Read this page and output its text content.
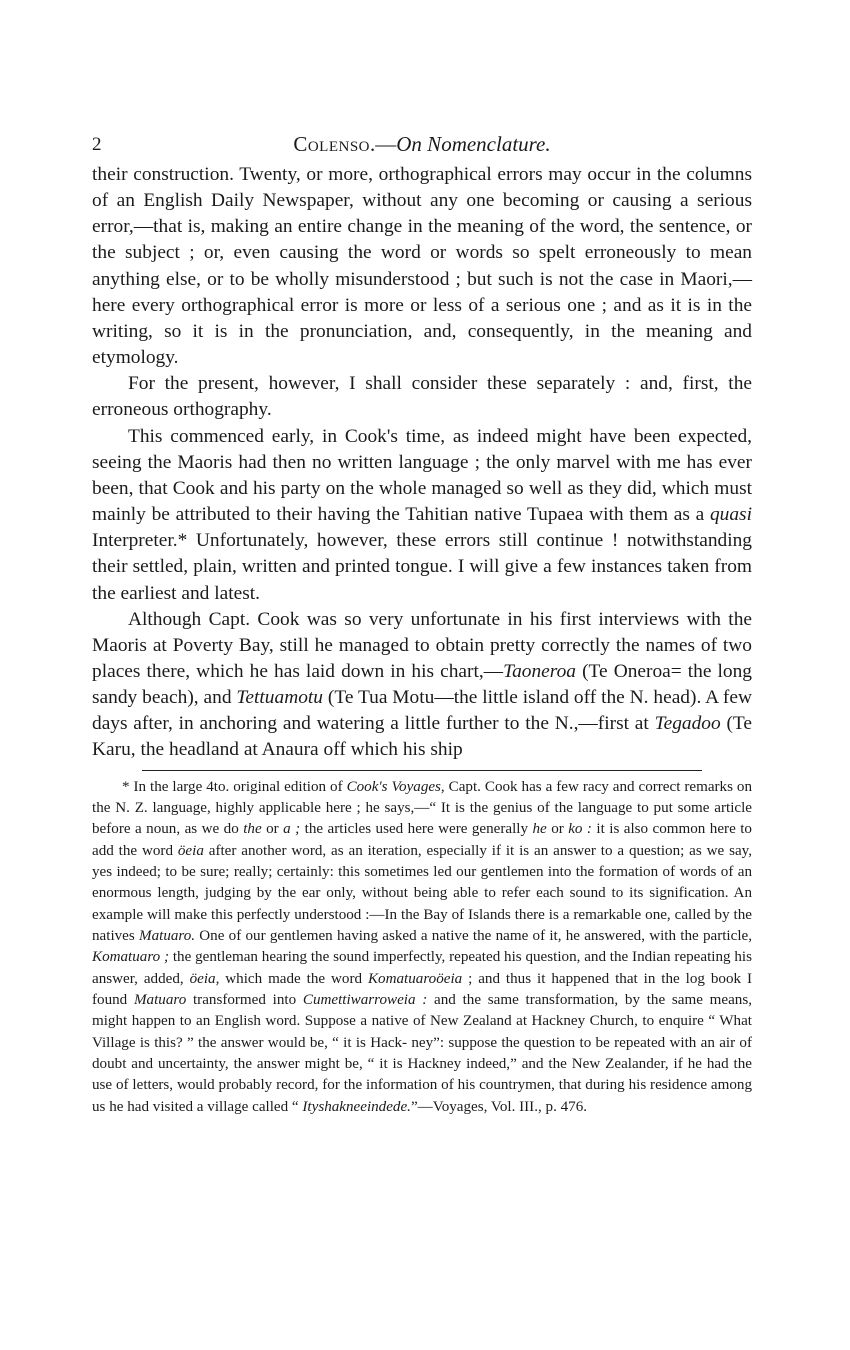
2	Colenso.—On Nomenclature.

their construction. Twenty, or more, orthographical errors may occur in the columns of an English Daily Newspaper, without any one becoming or causing a serious error,—that is, making an entire change in the meaning of the word, the sentence, or the subject ; or, even causing the word or words so spelt erroneously to mean anything else, or to be wholly misunderstood ; but such is not the case in Maori,—here every orthographical error is more or less of a serious one ; and as it is in the writing, so it is in the pronunciation, and, consequently, in the meaning and etymology.

For the present, however, I shall consider these separately : and, first, the erroneous orthography.

This commenced early, in Cook's time, as indeed might have been expected, seeing the Maoris had then no written language ; the only marvel with me has ever been, that Cook and his party on the whole managed so well as they did, which must mainly be attributed to their having the Tahitian native Tupaea with them as a quasi Interpreter.* Unfortunately, however, these errors still continue ! notwithstanding their settled, plain, written and printed tongue. I will give a few instances taken from the earliest and latest.

Although Capt. Cook was so very unfortunate in his first interviews with the Maoris at Poverty Bay, still he managed to obtain pretty correctly the names of two places there, which he has laid down in his chart,—Taoneroa (Te Oneroa= the long sandy beach), and Tettuamotu (Te Tua Motu—the little island off the N. head). A few days after, in anchoring and watering a little further to the N.,—first at Tegadoo (Te Karu, the headland at Anaura off which his ship

* In the large 4to. original edition of Cook's Voyages, Capt. Cook has a few racy and correct remarks on the N. Z. language, highly applicable here ; he says,—“ It is the genius of the language to put some article before a noun, as we do the or a ; the articles used here were generally he or ko : it is also common here to add the word öeia after another word, as an iteration, especially if it is an answer to a question; as we say, yes indeed; to be sure; really; certainly: this sometimes led our gentlemen into the formation of words of an enormous length, judging by the ear only, without being able to refer each sound to its signification. An example will make this perfectly understood :—In the Bay of Islands there is a remarkable one, called by the natives Matuaro. One of our gentlemen having asked a native the name of it, he answered, with the particle, Komatuaro ; the gentleman hearing the sound imperfectly, repeated his question, and the Indian repeating his answer, added, öeia, which made the word Komatuaroöeia ; and thus it happened that in the log book I found Matuaro transformed into Cumettiwarroweia : and the same transformation, by the same means, might happen to an English word. Suppose a native of New Zealand at Hackney Church, to enquire “ What Village is this? ” the answer would be, “ it is Hack- ney”: suppose the question to be repeated with an air of doubt and uncertainty, the answer might be, “ it is Hackney indeed,” and the New Zealander, if he had the use of letters, would probably record, for the information of his countrymen, that during his residence among us he had visited a village called “ Ityshakneeindede.”—Voyages, Vol. III., p. 476.
